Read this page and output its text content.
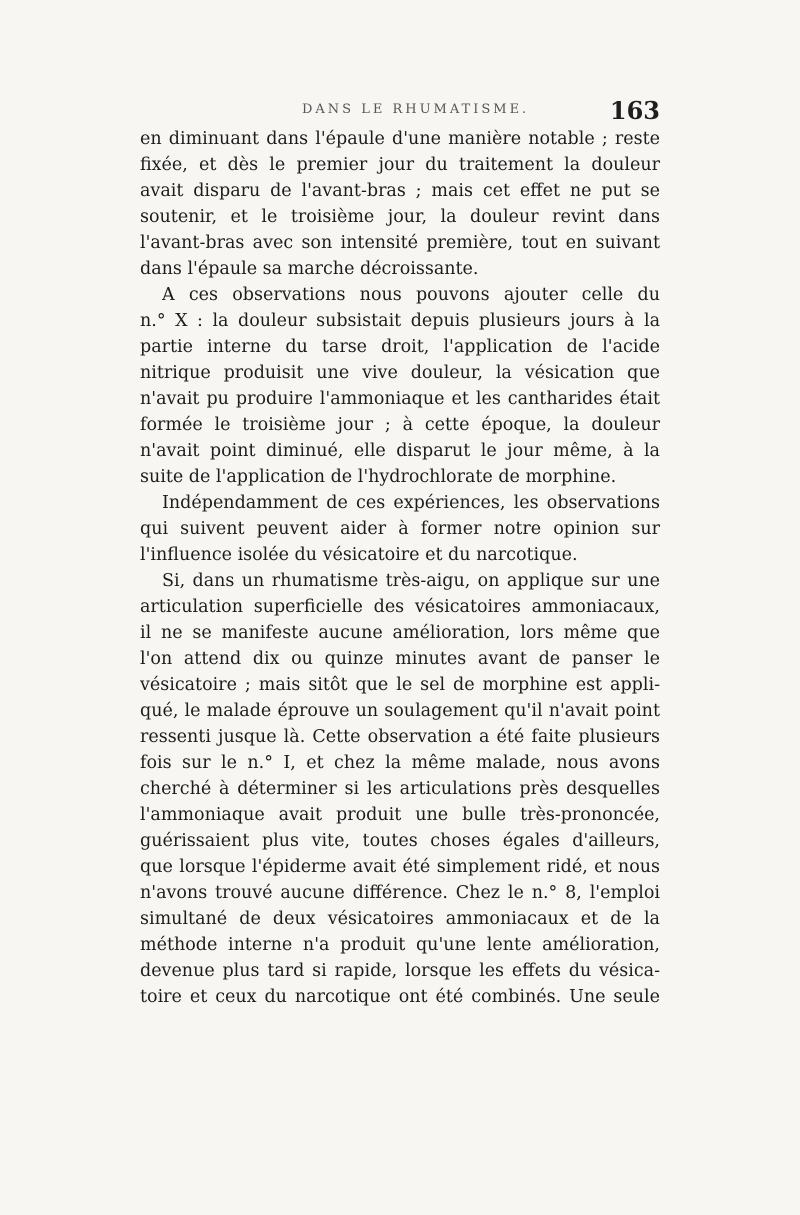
DANS LE RHUMATISME.	163
en diminuant dans l'épaule d'une manière notable ; reste
fixée, et dès le premier jour du traitement la douleur
avait disparu de l'avant-bras ; mais cet effet ne put se
soutenir, et le troisième jour, la douleur revint dans
l'avant-bras avec son intensité première, tout en suivant
dans l'épaule sa marche décroissante.
A ces observations nous pouvons ajouter celle du
n.° X : la douleur subsistait depuis plusieurs jours à la
partie interne du tarse droit, l'application de l'acide
nitrique produisit une vive douleur, la vésication que
n'avait pu produire l'ammoniaque et les cantharides était
formée le troisième jour ; à cette époque, la douleur
n'avait point diminué, elle disparut le jour même, à la
suite de l'application de l'hydrochlorate de morphine.
Indépendamment de ces expériences, les observations
qui suivent peuvent aider à former notre opinion sur
l'influence isolée du vésicatoire et du narcotique.
Si, dans un rhumatisme très-aigu, on applique sur une
articulation superficielle des vésicatoires ammoniacaux,
il ne se manifeste aucune amélioration, lors même que
l'on attend dix ou quinze minutes avant de panser le
vésicatoire ; mais sitôt que le sel de morphine est appli-
qué, le malade éprouve un soulagement qu'il n'avait point
ressenti jusque là. Cette observation a été faite plusieurs
fois sur le n.° I, et chez la même malade, nous avons
cherché à déterminer si les articulations près desquelles
l'ammoniaque avait produit une bulle très-prononcée,
guérissaient plus vite, toutes choses égales d'ailleurs,
que lorsque l'épiderme avait été simplement ridé, et nous
n'avons trouvé aucune différence. Chez le n.° 8, l'emploi
simultané de deux vésicatoires ammoniacaux et de la
méthode interne n'a produit qu'une lente amélioration,
devenue plus tard si rapide, lorsque les effets du vésica-
toire et ceux du narcotique ont été combinés. Une seule
